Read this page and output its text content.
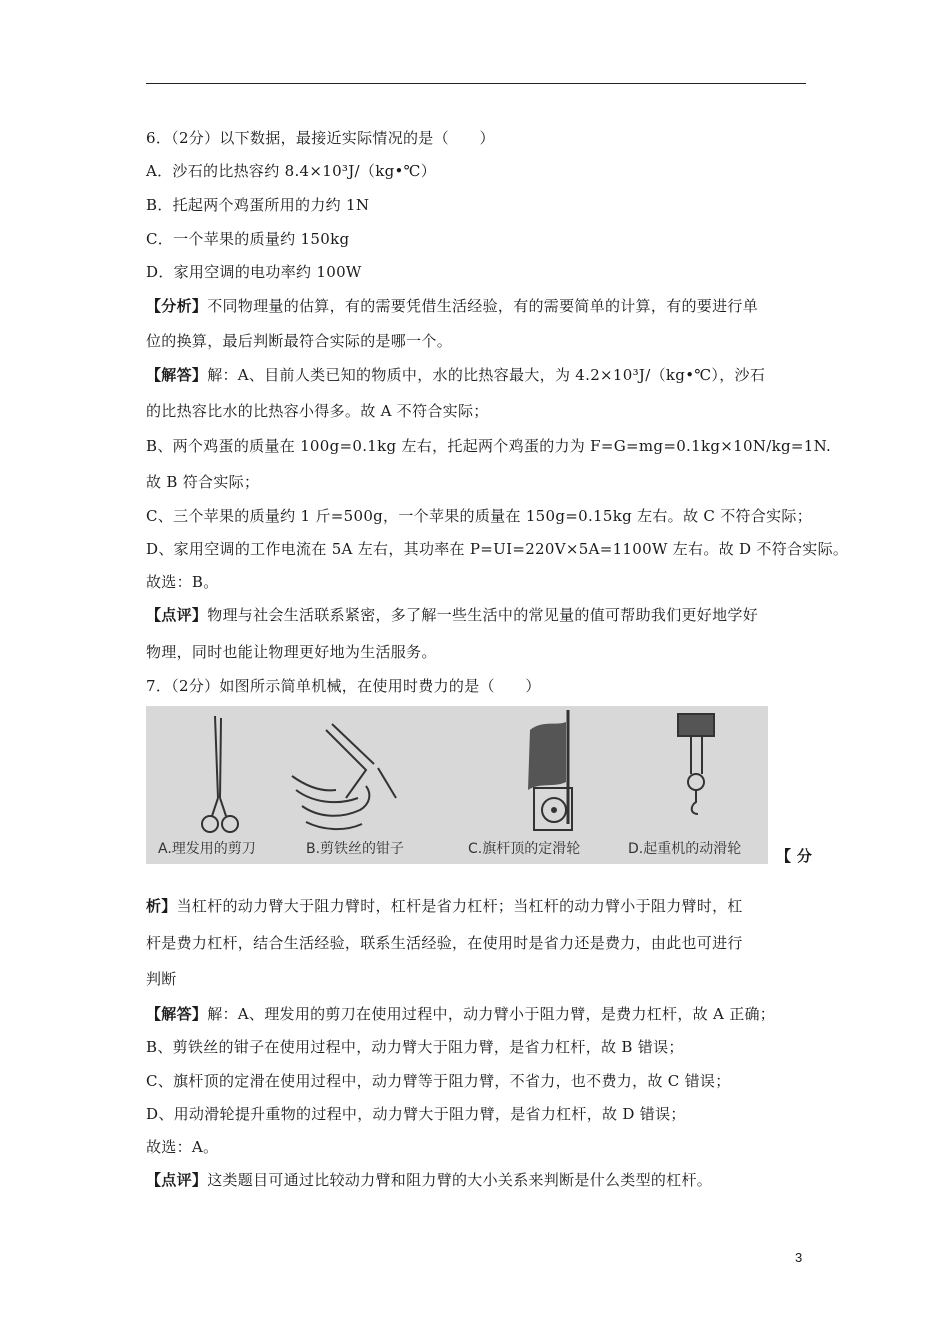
6．（2分）以下数据，最接近实际情况的是（　　）
A．沙石的比热容约 8.4×10³J/（kg•℃）
B．托起两个鸡蛋所用的力约 1N
C．一个苹果的质量约 150kg
D．家用空调的电功率约 100W
【分析】不同物理量的估算，有的需要凭借生活经验，有的需要简单的计算，有的要进行单
位的换算，最后判断最符合实际的是哪一个。
【解答】解：A、目前人类已知的物质中，水的比热容最大，为 4.2×10³J/（kg•℃），沙石
的比热容比水的比热容小得多。故 A 不符合实际；
B、两个鸡蛋的质量在 100g=0.1kg 左右，托起两个鸡蛋的力为 F=G=mg=0.1kg×10N/kg=1N.
故 B 符合实际；
C、三个苹果的质量约 1 斤=500g，一个苹果的质量在 150g=0.15kg 左右。故 C 不符合实际；
D、家用空调的工作电流在 5A 左右，其功率在 P=UI=220V×5A=1100W 左右。故 D 不符合实际。
故选：B。
【点评】物理与社会生活联系紧密，多了解一些生活中的常见量的值可帮助我们更好地学好
物理，同时也能让物理更好地为生活服务。
7．（2分）如图所示简单机械，在使用时费力的是（　　）
A.理发用的剪刀	B.剪铁丝的钳子	C.旗杆顶的定滑轮	D.起重机的动滑轮 【 分
析】当杠杆的动力臂大于阻力臂时，杠杆是省力杠杆；当杠杆的动力臂小于阻力臂时，杠
杆是费力杠杆，结合生活经验，联系生活经验，在使用时是省力还是费力，由此也可进行
判断
【解答】解：A、理发用的剪刀在使用过程中，动力臂小于阻力臂，是费力杠杆，故 A 正确；
B、剪铁丝的钳子在使用过程中，动力臂大于阻力臂，是省力杠杆，故 B 错误；
C、旗杆顶的定滑在使用过程中，动力臂等于阻力臂，不省力，也不费力，故 C 错误；
D、用动滑轮提升重物的过程中，动力臂大于阻力臂，是省力杠杆，故 D 错误；
故选：A。
【点评】这类题目可通过比较动力臂和阻力臂的大小关系来判断是什么类型的杠杆。
3
